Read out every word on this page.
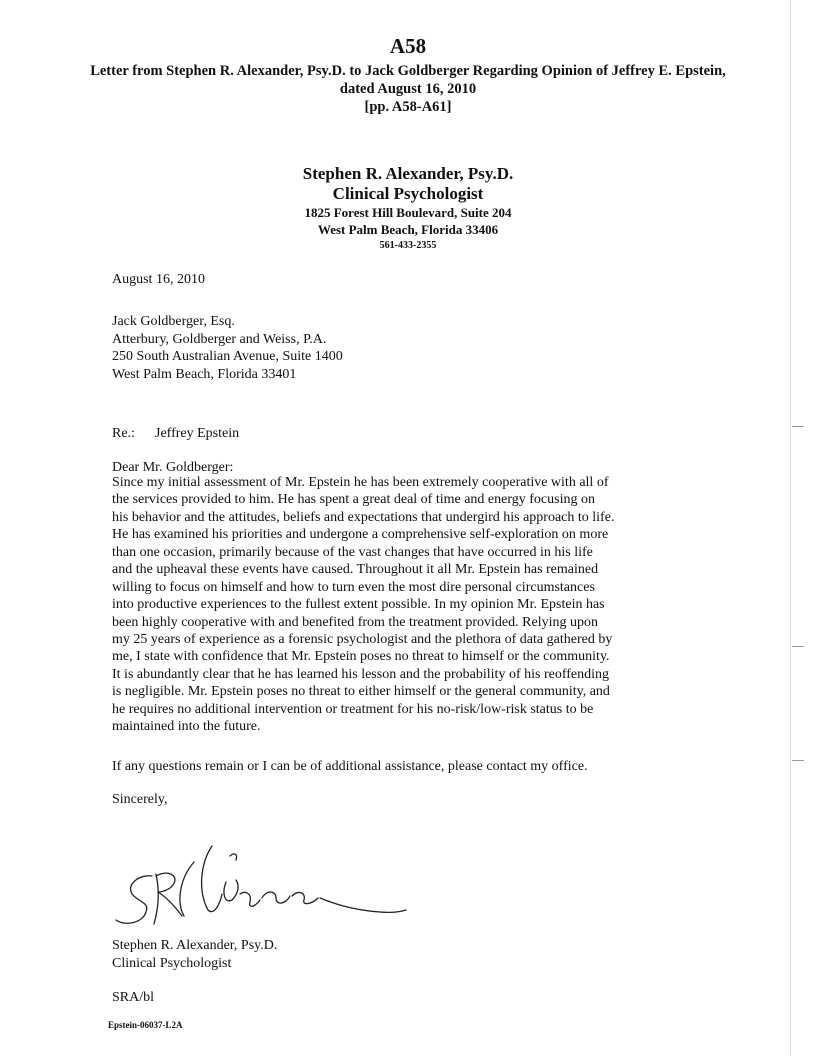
A58
Letter from Stephen R. Alexander, Psy.D. to Jack Goldberger Regarding Opinion of Jeffrey E. Epstein,
dated August 16, 2010
[pp. A58-A61]
Stephen R. Alexander, Psy.D.
Clinical Psychologist
1825 Forest Hill Boulevard, Suite 204
West Palm Beach, Florida 33406
561-433-2355
August 16, 2010
Jack Goldberger, Esq.
Atterbury, Goldberger and Weiss, P.A.
250 South Australian Avenue, Suite 1400
West Palm Beach, Florida 33401
Re.: Jeffrey Epstein
Dear Mr. Goldberger:
Since my initial assessment of Mr. Epstein he has been extremely cooperative with all of
the services provided to him. He has spent a great deal of time and energy focusing on
his behavior and the attitudes, beliefs and expectations that undergird his approach to life.
He has examined his priorities and undergone a comprehensive self-exploration on more
than one occasion, primarily because of the vast changes that have occurred in his life
and the upheaval these events have caused. Throughout it all Mr. Epstein has remained
willing to focus on himself and how to turn even the most dire personal circumstances
into productive experiences to the fullest extent possible. In my opinion Mr. Epstein has
been highly cooperative with and benefited from the treatment provided. Relying upon
my 25 years of experience as a forensic psychologist and the plethora of data gathered by
me, I state with confidence that Mr. Epstein poses no threat to himself or the community.
It is abundantly clear that he has learned his lesson and the probability of his reoffending
is negligible. Mr. Epstein poses no threat to either himself or the general community, and
he requires no additional intervention or treatment for his no-risk/low-risk status to be
maintained into the future.
If any questions remain or I can be of additional assistance, please contact my office.
Sincerely,
Stephen R. Alexander, Psy.D.
Clinical Psychologist
SRA/bl
Epstein-06037-L2A
